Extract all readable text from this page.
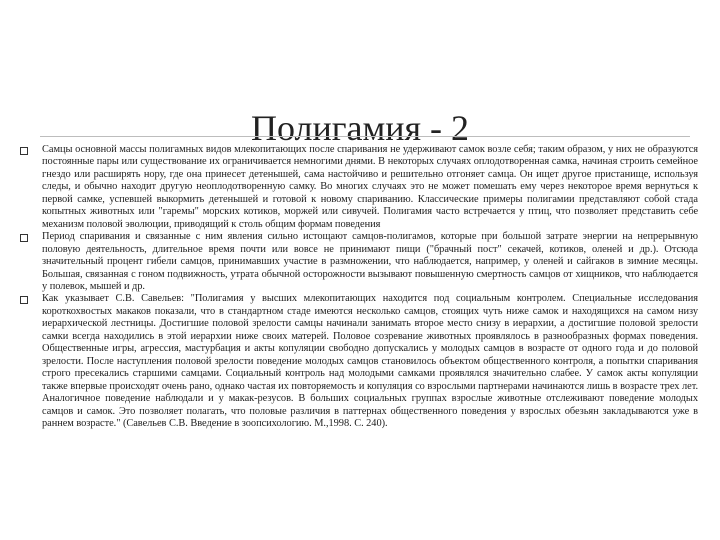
Полигамия - 2
Самцы основной массы полигамных видов млекопитающих после спаривания не удерживают самок возле себя; таким образом, у них не образуются постоянные пары или существование их ограничивается немногими днями. В некоторых случаях оплодотворенная самка, начиная строить семейное гнездо или расширять нору, где она принесет детенышей, сама настойчиво и решительно отгоняет самца. Он ищет другое пристанище, используя следы, и обычно находит другую неоплодотворенную самку. Во многих случаях это не может помешать ему через некоторое время вернуться к первой самке, успевшей выкормить детенышей и готовой к новому спариванию. Классические примеры полигамии представляют собой стада копытных животных или "гаремы" морских котиков, моржей или сивучей. Полигамия часто встречается у птиц, что позволяет представить себе механизм половой эволюции, приводящий к столь общим формам поведения
Период спаривания и связанные с ним явления сильно истощают самцов-полигамов, которые при большой затрате энергии на непрерывную половую деятельность, длительное время почти или вовсе не принимают пищи ("брачный пост" секачей, котиков, оленей и др.). Отсюда значительный процент гибели самцов, принимавших участие в размножении, что наблюдается, например, у оленей и сайгаков в зимние месяцы. Большая, связанная с гоном подвижность, утрата обычной осторожности вызывают повышенную смертность самцов от хищников, что наблюдается у полевок, мышей и др.
Как указывает С.В. Савельев: "Полигамия у высших млекопитающих находится под социальным контролем. Специальные исследования короткохвостых макаков показали, что в стандартном стаде имеются несколько самцов, стоящих чуть ниже самок и находящихся на самом низу иерархической лестницы. Достигшие половой зрелости самцы начинали занимать второе место снизу в иерархии, а достигшие половой зрелости самки всегда находились в этой иерархии ниже своих матерей. Половое созревание животных проявлялось в разнообразных формах поведения. Общественные игры, агрессия, мастурбация и акты копуляции свободно допускались у молодых самцов в возрасте от одного года и до половой зрелости. После наступления половой зрелости поведение молодых самцов становилось объектом общественного контроля, а попытки спаривания строго пресекались старшими самцами. Социальный контроль над молодыми самками проявлялся значительно слабее. У самок акты копуляции также впервые происходят очень рано, однако частая их повторяемость и копуляция со взрослыми партнерами начинаются лишь в возрасте трех лет. Аналогичное поведение наблюдали и у макак-резусов. В больших социальных группах взрослые животные отслеживают поведение молодых самцов и самок. Это позволяет полагать, что половые различия в паттернах общественного поведения у взрослых обезьян закладываются уже в раннем возрасте." (Савельев С.В. Введение в зоопсихологию. М.,1998. С. 240).
